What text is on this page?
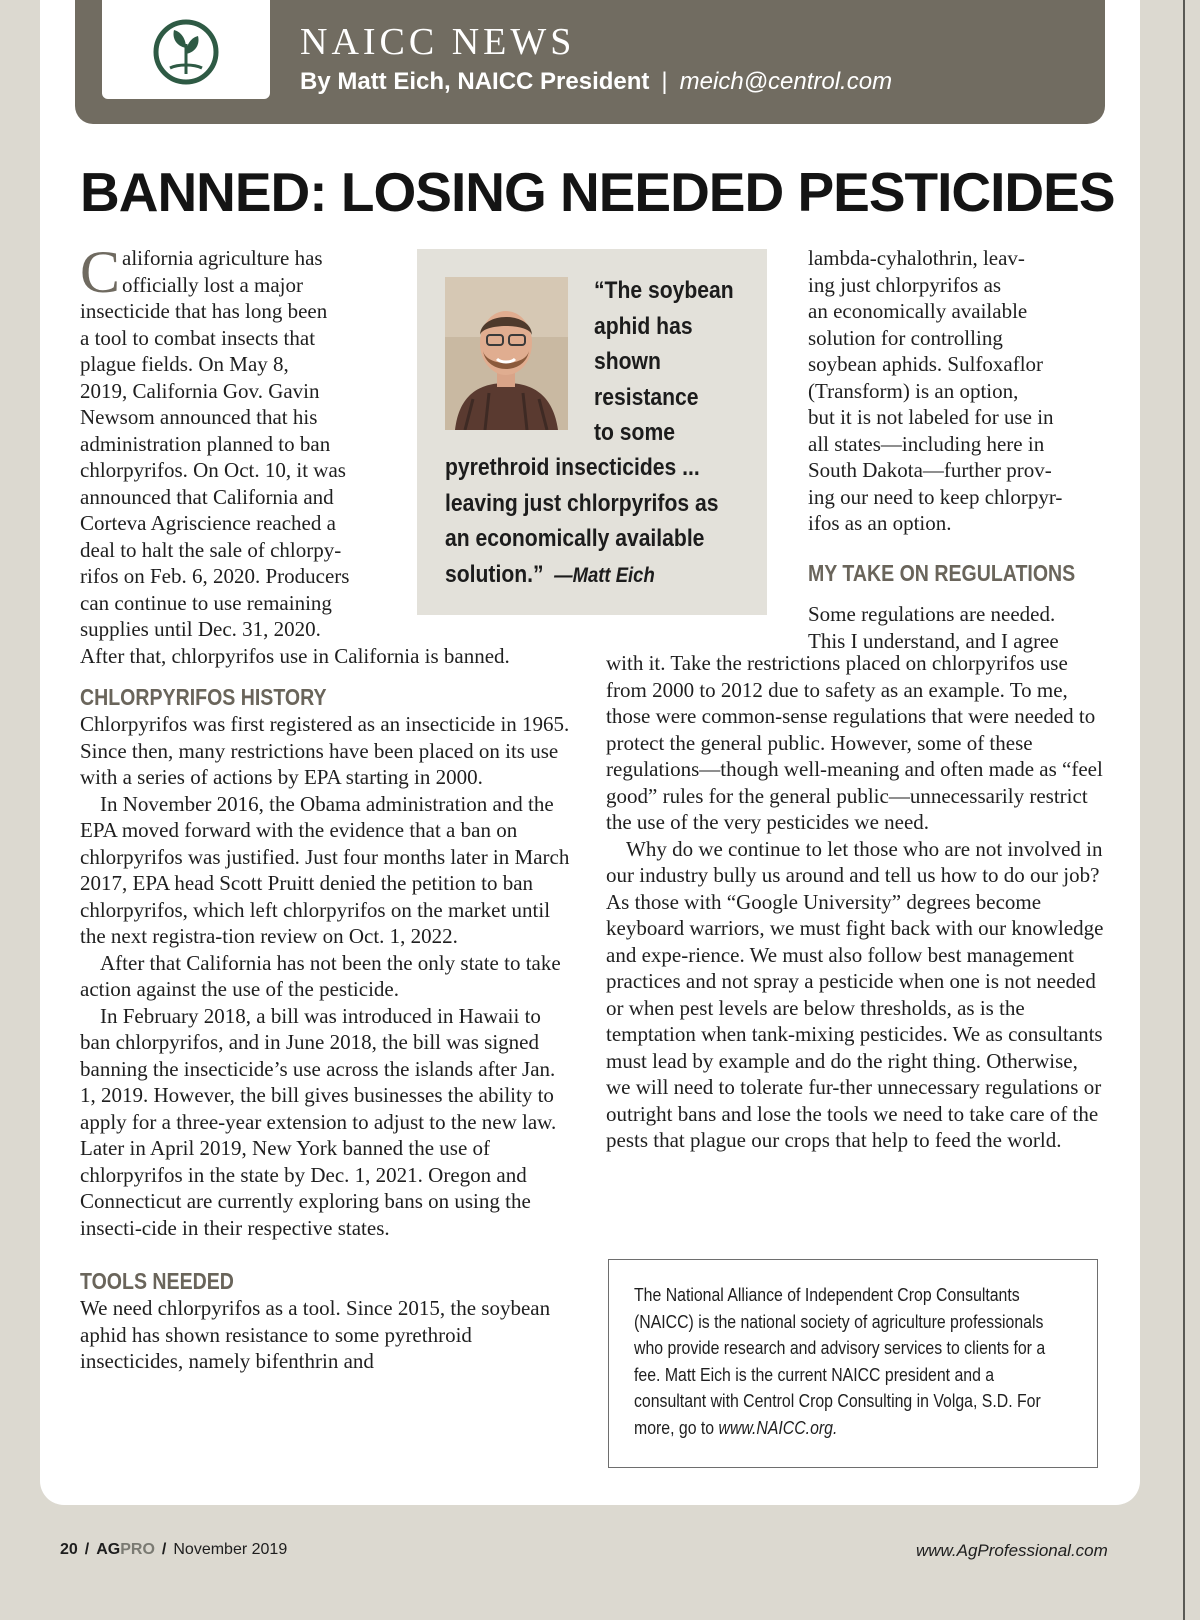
NAICC NEWS
By Matt Eich, NAICC President | meich@centrol.com
BANNED: LOSING NEEDED PESTICIDES
C alifornia agriculture has
officially lost a major
insecticide that has long been
a tool to combat insects that
plague fields. On May 8,
2019, California Gov. Gavin
Newsom announced that his
administration planned to ban
chlorpyrifos. On Oct. 10, it was
announced that California and
Corteva Agriscience reached a
deal to halt the sale of chlorpy-
rifos on Feb. 6, 2020. Producers
can continue to use remaining
supplies until Dec. 31, 2020.
After that, chlorpyrifos use in California is banned.
CHLORPYRIFOS HISTORY

Chlorpyrifos was first registered as an insecticide in 1965. Since then, many restrictions have been placed on its use with a series of actions by EPA starting in 2000.

In November 2016, the Obama administration and the EPA moved forward with the evidence that a ban on chlorpyrifos was justified. Just four months later in March 2017, EPA head Scott Pruitt denied the petition to ban chlorpyrifos, which left chlorpyrifos on the market until the next registra-tion review on Oct. 1, 2022.

After that California has not been the only state to take action against the use of the pesticide.

In February 2018, a bill was introduced in Hawaii to ban chlorpyrifos, and in June 2018, the bill was signed banning the insecticide’s use across the islands after Jan. 1, 2019. However, the bill gives businesses the ability to apply for a three-year extension to adjust to the new law. Later in April 2019, New York banned the use of chlorpyrifos in the state by Dec. 1, 2021. Oregon and Connecticut are currently exploring bans on using the insecti-cide in their respective states.

TOOLS NEEDED

We need chlorpyrifos as a tool. Since 2015, the soybean aphid has shown resistance to some pyrethroid insecticides, namely bifenthrin and

“The soybean
aphid has
shown
resistance
to some
pyrethroid insecticides ...
leaving just chlorpyrifos as
an economically available
solution.” —Matt Eich
lambda-cyhalothrin, leav-
ing just chlorpyrifos as
an economically available
solution for controlling
soybean aphids. Sulfoxaflor
(Transform) is an option,
but it is not labeled for use in
all states—including here in
South Dakota—further prov-
ing our need to keep chlorpyr-
ifos as an option.
MY TAKE ON REGULATIONS
Some regulations are needed.
This I understand, and I agree

with it. Take the restrictions placed on chlorpyrifos use from 2000 to 2012 due to safety as an example. To me, those were common-sense regulations that were needed to protect the general public. However, some of these regulations—though well-meaning and often made as “feel good” rules for the general public—unnecessarily restrict the use of the very pesticides we need.

Why do we continue to let those who are not involved in our industry bully us around and tell us how to do our job? As those with “Google University” degrees become keyboard warriors, we must fight back with our knowledge and expe-rience. We must also follow best management practices and not spray a pesticide when one is not needed or when pest levels are below thresholds, as is the temptation when tank-mixing pesticides. We as consultants must lead by example and do the right thing. Otherwise, we will need to tolerate fur-ther unnecessary regulations or outright bans and lose the tools we need to take care of the pests that plague our crops that help to feed the world.

The National Alliance of Independent Crop Consultants (NAICC) is the national society of agriculture professionals who provide research and advisory services to clients for a fee. Matt Eich is the current NAICC president and a consultant with Centrol Crop Consulting in Volga, S.D. For more, go to www.NAICC.org.
20 / AGPRO / November 2019	www.AgProfessional.com
